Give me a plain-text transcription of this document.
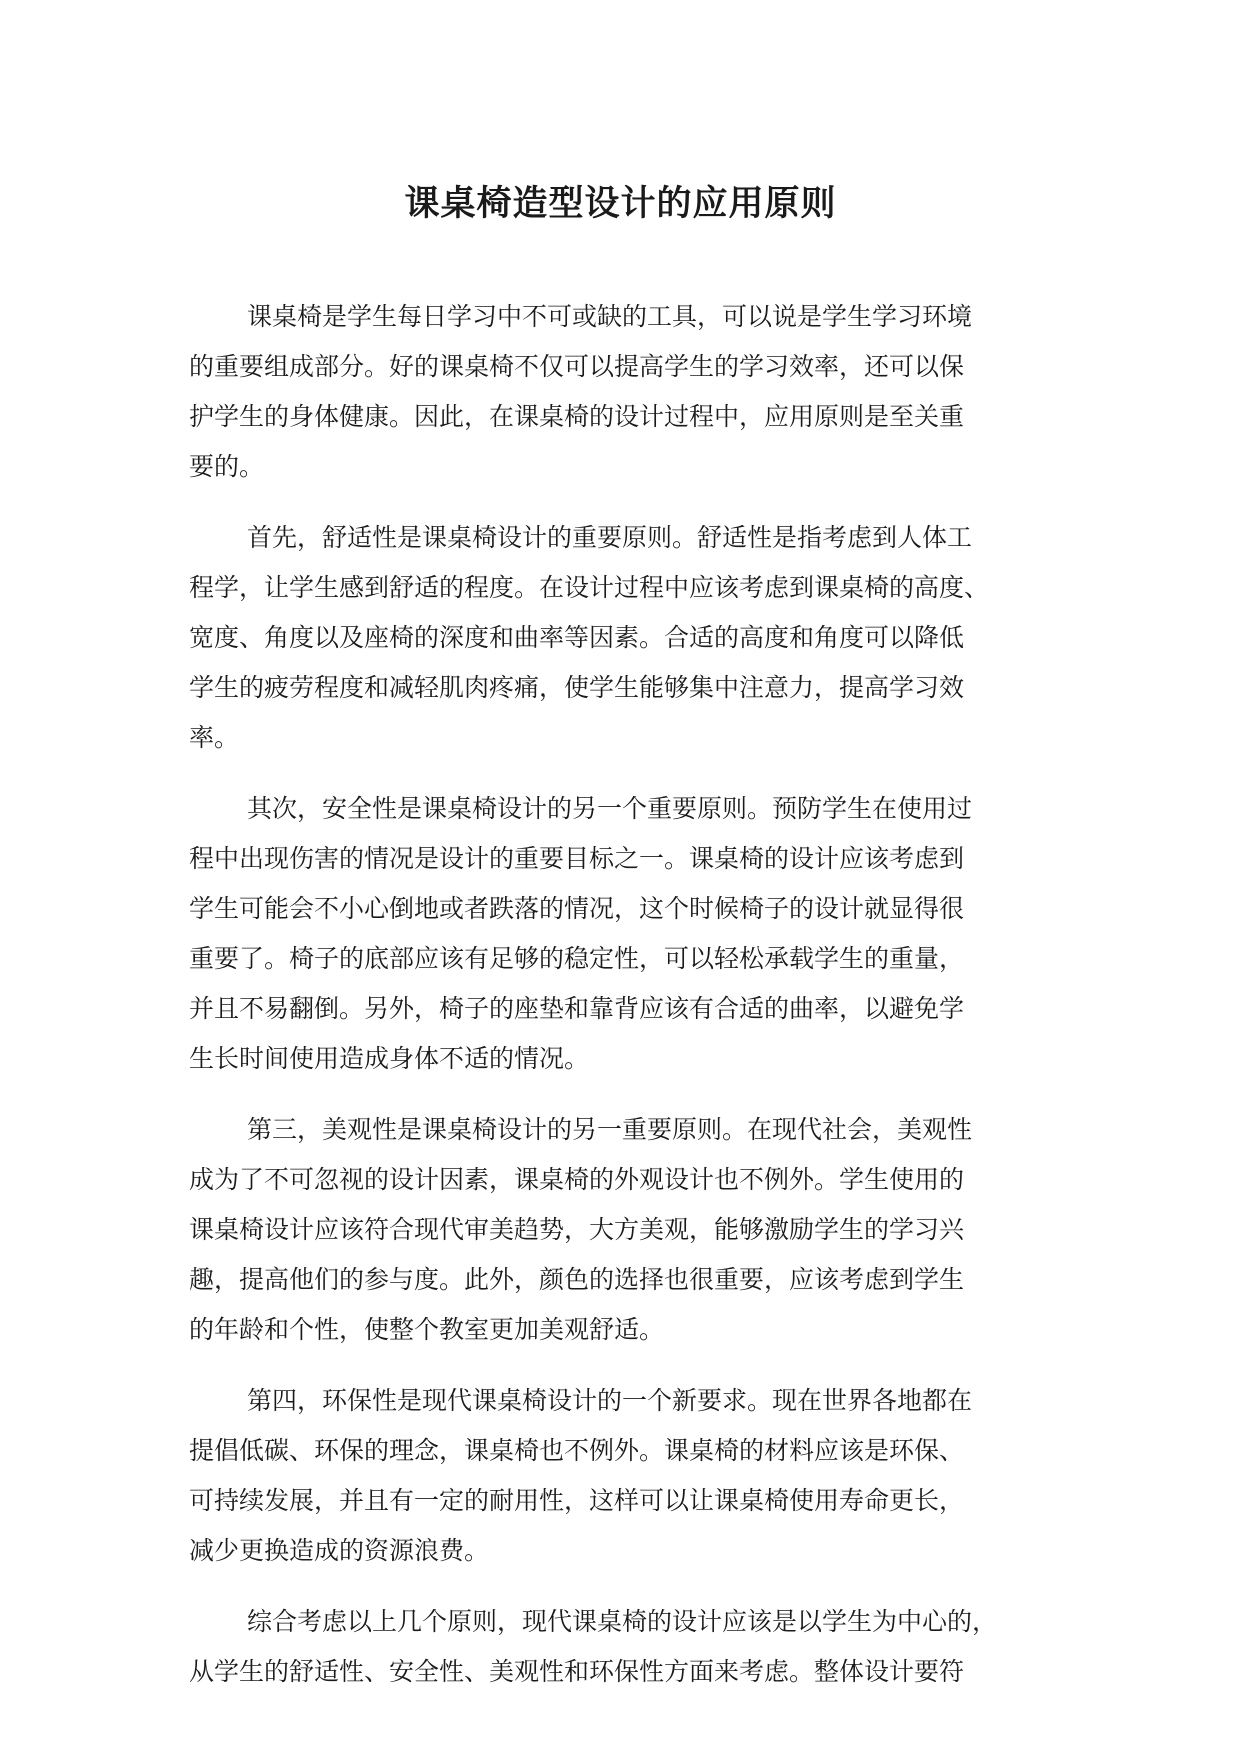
课桌椅造型设计的应用原则

课桌椅是学生每日学习中不可或缺的工具，可以说是学生学习环境
的重要组成部分。好的课桌椅不仅可以提高学生的学习效率，还可以保
护学生的身体健康。因此，在课桌椅的设计过程中，应用原则是至关重
要的。

首先，舒适性是课桌椅设计的重要原则。舒适性是指考虑到人体工
程学，让学生感到舒适的程度。在设计过程中应该考虑到课桌椅的高度、
宽度、角度以及座椅的深度和曲率等因素。合适的高度和角度可以降低
学生的疲劳程度和减轻肌肉疼痛，使学生能够集中注意力，提高学习效
率。

其次，安全性是课桌椅设计的另一个重要原则。预防学生在使用过
程中出现伤害的情况是设计的重要目标之一。课桌椅的设计应该考虑到
学生可能会不小心倒地或者跌落的情况，这个时候椅子的设计就显得很
重要了。椅子的底部应该有足够的稳定性，可以轻松承载学生的重量，
并且不易翻倒。另外，椅子的座垫和靠背应该有合适的曲率，以避免学
生长时间使用造成身体不适的情况。

第三，美观性是课桌椅设计的另一重要原则。在现代社会，美观性
成为了不可忽视的设计因素，课桌椅的外观设计也不例外。学生使用的
课桌椅设计应该符合现代审美趋势，大方美观，能够激励学生的学习兴
趣，提高他们的参与度。此外，颜色的选择也很重要，应该考虑到学生
的年龄和个性，使整个教室更加美观舒适。

第四，环保性是现代课桌椅设计的一个新要求。现在世界各地都在
提倡低碳、环保的理念，课桌椅也不例外。课桌椅的材料应该是环保、
可持续发展，并且有一定的耐用性，这样可以让课桌椅使用寿命更长，
减少更换造成的资源浪费。

综合考虑以上几个原则，现代课桌椅的设计应该是以学生为中心的，
从学生的舒适性、安全性、美观性和环保性方面来考虑。整体设计要符
